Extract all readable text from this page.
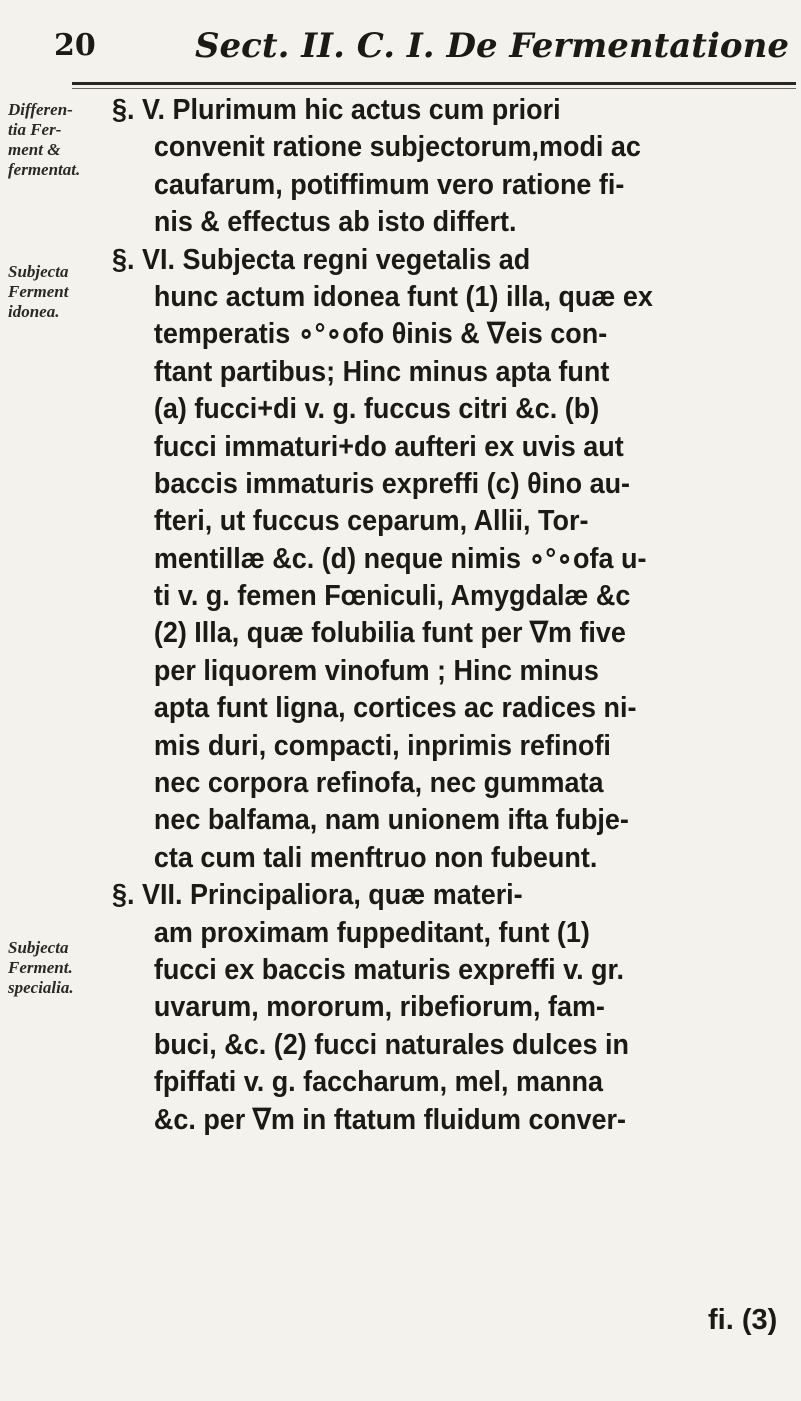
20	Sect. II. C. I. De Fermentatione
Differen-
tia Fer-
ment &
fermentat.
Subjecta
Ferment
idonea.
Subjecta
Ferment.
specialia.
§. V. Plurimum hic actus cum priori
convenit ratione subjectorum,modi ac
caufarum, potiffimum vero ratione fi-
nis & effectus ab isto differt.
§. VI. Subjecta regni vegetalis ad
hunc actum idonea funt (1) illa, quæ ex
temperatis ∘°∘ofo θinis & ∇eis con-
ftant partibus; Hinc minus apta funt
(a) fucci+di v. g. fuccus citri &c. (b)
fucci immaturi+do aufteri ex uvis aut
baccis immaturis expreffi (c) θino au-
fteri, ut fuccus ceparum, Allii, Tor-
mentillæ &c. (d) neque nimis ∘°∘ofa u-
ti v. g. femen Fœniculi, Amygdalæ &c
(2) Illa, quæ folubilia funt per ∇m five
per liquorem vinofum ; Hinc minus
apta funt ligna, cortices ac radices ni-
mis duri, compacti, inprimis refinofi
nec corpora refinofa, nec gummata
nec balfama, nam unionem ifta fubje-
cta cum tali menftruo non fubeunt.
§. VII. Principaliora, quæ materi-
am proximam fuppeditant, funt (1)
fucci ex baccis maturis expreffi v. gr.
uvarum, mororum, ribefiorum, fam-
buci, &c. (2) fucci naturales dulces in
fpiffati v. g. faccharum, mel, manna
&c. per ∇m in ftatum fluidum conver-
fi. (3)
